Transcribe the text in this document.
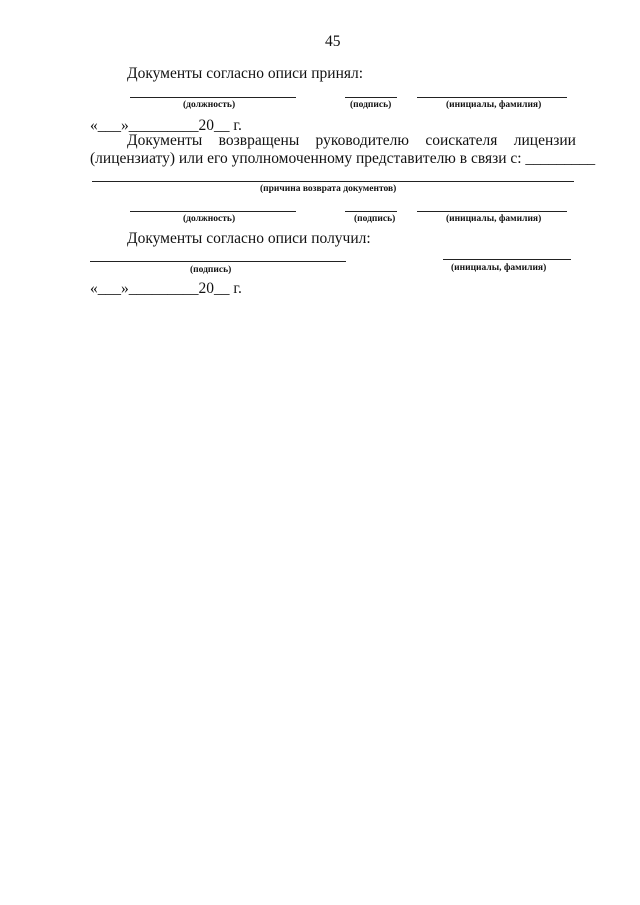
45
Документы согласно описи принял:
(должность)	(подпись)	(инициалы, фамилия)
«___»_________20__ г.
Документы возвращены руководителю соискателя лицензии
(лицензиату) или его уполномоченному представителю в связи с: _________
(причина возврата документов)
(должность)	(подпись)	(инициалы, фамилия)
Документы согласно описи получил:
(подпись)	(инициалы, фамилия)
«___»_________20__ г.
